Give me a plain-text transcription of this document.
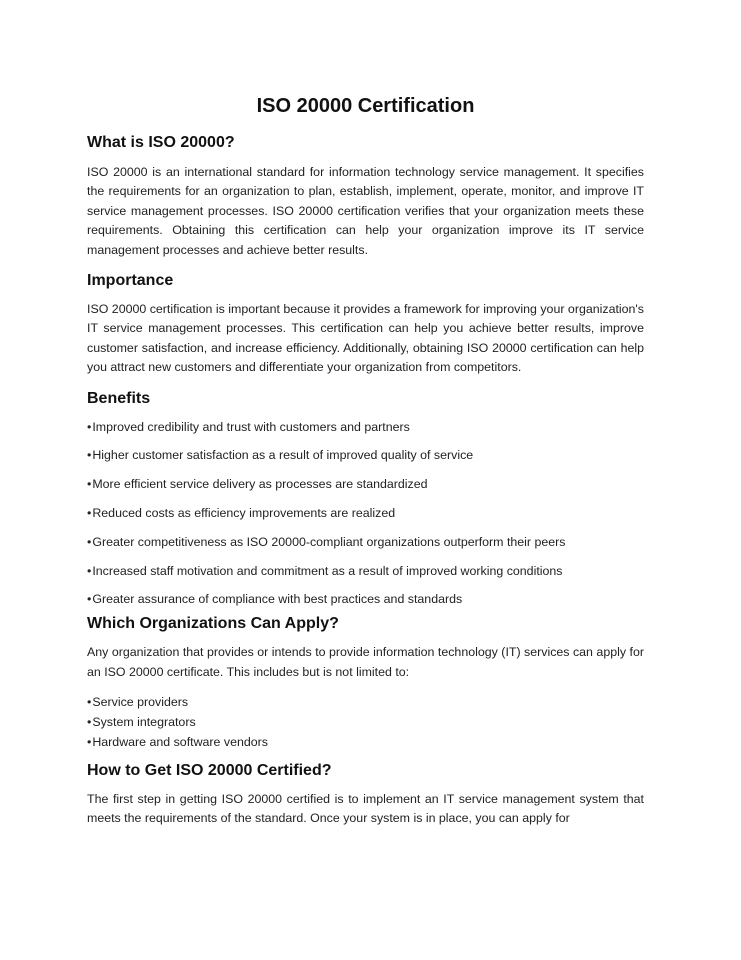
ISO 20000 Certification
What is ISO 20000?

ISO 20000 is an international standard for information technology service management. It specifies the requirements for an organization to plan, establish, implement, operate, monitor, and improve IT service management processes. ISO 20000 certification verifies that your organization meets these requirements. Obtaining this certification can help your organization improve its IT service management processes and achieve better results.

Importance

ISO 20000 certification is important because it provides a framework for improving your organization's IT service management processes. This certification can help you achieve better results, improve customer satisfaction, and increase efficiency. Additionally, obtaining ISO 20000 certification can help you attract new customers and differentiate your organization from competitors.

Benefits
•Improved credibility and trust with customers and partners
•Higher customer satisfaction as a result of improved quality of service
•More efficient service delivery as processes are standardized
•Reduced costs as efficiency improvements are realized
•Greater competitiveness as ISO 20000-compliant organizations outperform their peers
•Increased staff motivation and commitment as a result of improved working conditions
•Greater assurance of compliance with best practices and standards
Which Organizations Can Apply?

Any organization that provides or intends to provide information technology (IT) services can apply for an ISO 20000 certificate. This includes but is not limited to:

•Service providers
•System integrators
•Hardware and software vendors
How to Get ISO 20000 Certified?

The first step in getting ISO 20000 certified is to implement an IT service management system that meets the requirements of the standard. Once your system is in place, you can apply for
